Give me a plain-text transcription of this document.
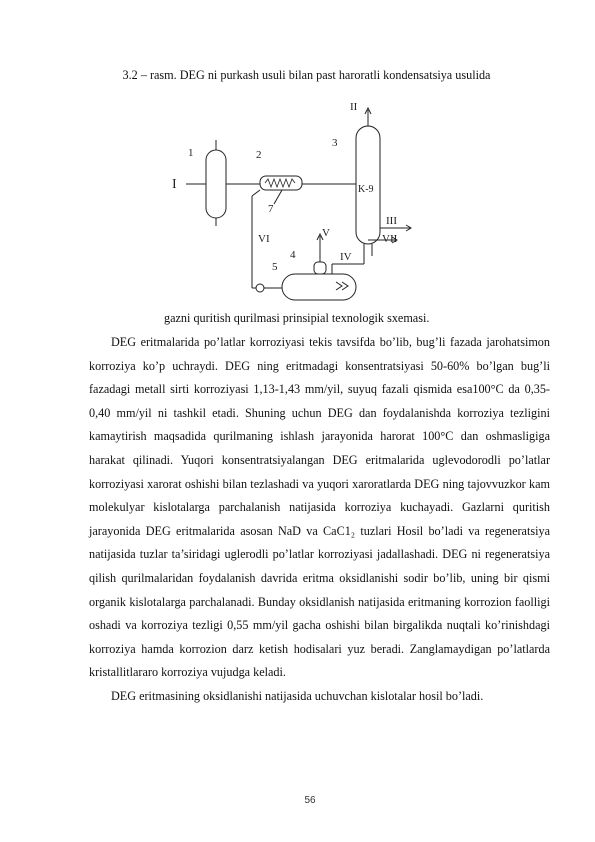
3.2 – rasm. DEG ni purkash usuli bilan past haroratli kondensatsiya usulida
1	2
3
4
5
7
I
II
III
IV
V
VI	VII
K-9
gazni quritish qurilmasi prinsipial texnologik sxemasi.

DEG eritmalarida po’latlar korroziyasi tekis tavsifda bo’lib, bug’li fazada jarohatsimon korroziya ko’p uchraydi. DEG ning eritmadagi konsentratsiyasi 50-60% bo’lgan bug’li fazadagi metall sirti korroziyasi 1,13-1,43 mm/yil, suyuq fazali qismida esa100°C da 0,35-0,40 mm/yil ni tashkil etadi. Shuning uchun DEG dan foydalanishda korroziya tezligini kamaytirish maqsadida qurilmaning ishlash jarayonida harorat 100°C dan oshmasligiga harakat qilinadi. Yuqori konsentratsiyalangan DEG eritmalarida uglevodorodli po’latlar korroziyasi xarorat oshishi bilan tezlashadi va yuqori xaroratlarda DEG ning tajovvuzkor kam molekulyar kislotalarga parchalanish natijasida korroziya kuchayadi. Gazlarni quritish jarayonida DEG eritmalarida asosan NaD va CaC1₂ tuzlari Hosil bo’ladi va regeneratsiya natijasida tuzlar ta’siridagi uglerodli po’latlar korroziyasi jadallashadi. DEG ni regeneratsiya qilish qurilmalaridan foydalanish davrida eritma oksidlanishi sodir bo’lib, uning bir qismi organik kislotalarga parchalanadi. Bunday oksidlanish natijasida eritmaning korrozion faolligi oshadi va korroziya tezligi 0,55 mm/yil gacha oshishi bilan birgalikda nuqtali ko’rinishdagi korroziya hamda korrozion darz ketish hodisalari yuz beradi. Zanglamaydigan po’latlarda kristallitlararo korroziya vujudga keladi.

DEG eritmasining oksidlanishi natijasida uchuvchan kislotalar hosil bo’ladi.

56
